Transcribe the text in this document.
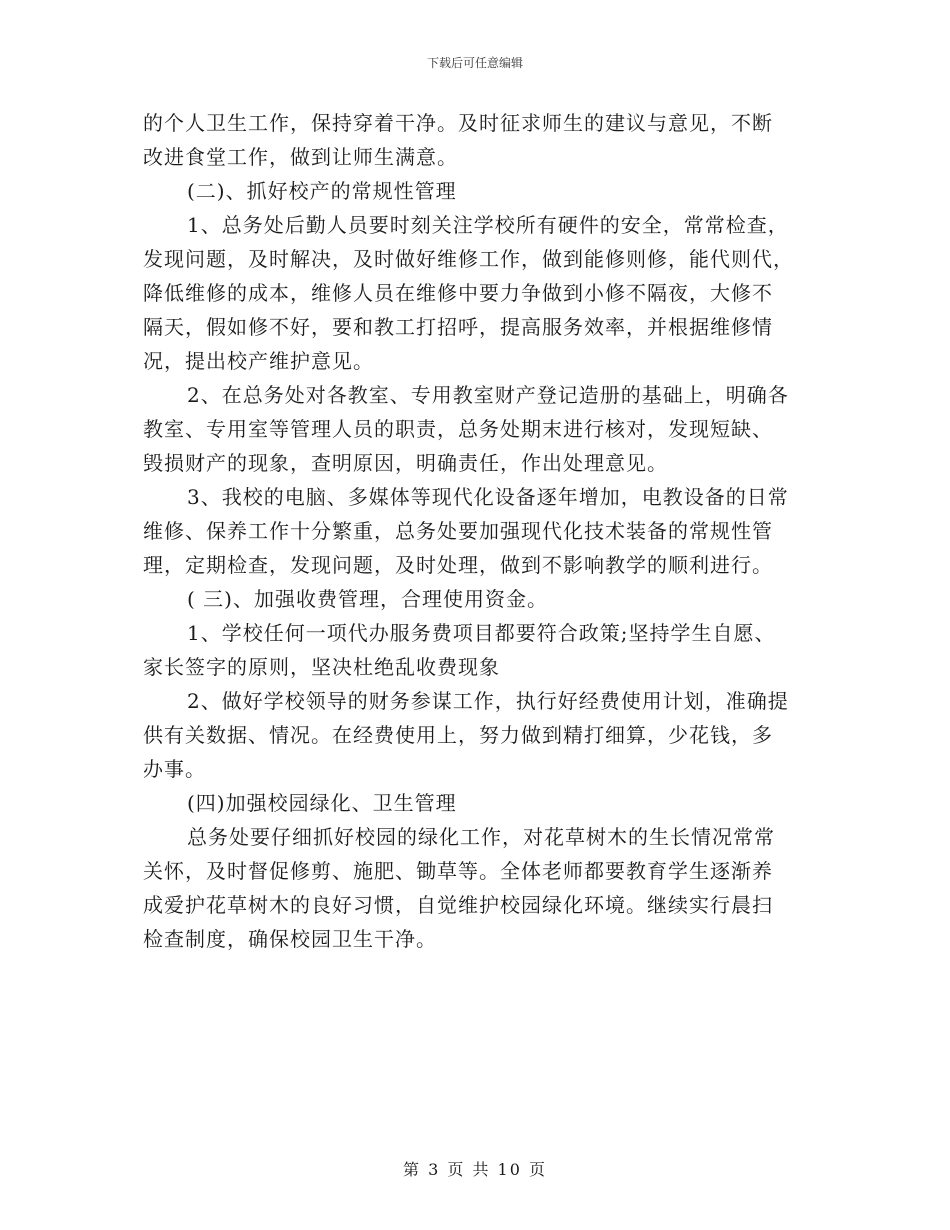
下载后可任意编辑
的个人卫生工作，保持穿着干净。及时征求师生的建议与意见，不断
改进食堂工作，做到让师生满意。
(二)、抓好校产的常规性管理
1、总务处后勤人员要时刻关注学校所有硬件的安全，常常检查，
发现问题，及时解决，及时做好维修工作，做到能修则修，能代则代，
降低维修的成本，维修人员在维修中要力争做到小修不隔夜，大修不
隔天，假如修不好，要和教工打招呼，提高服务效率，并根据维修情
况，提出校产维护意见。
2、在总务处对各教室、专用教室财产登记造册的基础上，明确各
教室、专用室等管理人员的职责，总务处期末进行核对，发现短缺、
毁损财产的现象，查明原因，明确责任，作出处理意见。
3、我校的电脑、多媒体等现代化设备逐年增加，电教设备的日常
维修、保养工作十分繁重，总务处要加强现代化技术装备的常规性管
理，定期检查，发现问题，及时处理，做到不影响教学的顺利进行。
( 三)、加强收费管理，合理使用资金。
1、学校任何一项代办服务费项目都要符合政策;坚持学生自愿、
家长签字的原则，坚决杜绝乱收费现象
2、做好学校领导的财务参谋工作，执行好经费使用计划，准确提
供有关数据、情况。在经费使用上，努力做到精打细算，少花钱，多
办事。
(四)加强校园绿化、卫生管理
总务处要仔细抓好校园的绿化工作，对花草树木的生长情况常常
关怀，及时督促修剪、施肥、锄草等。全体老师都要教育学生逐渐养
成爱护花草树木的良好习惯，自觉维护校园绿化环境。继续实行晨扫
检查制度，确保校园卫生干净。
第 3 页 共 10 页
